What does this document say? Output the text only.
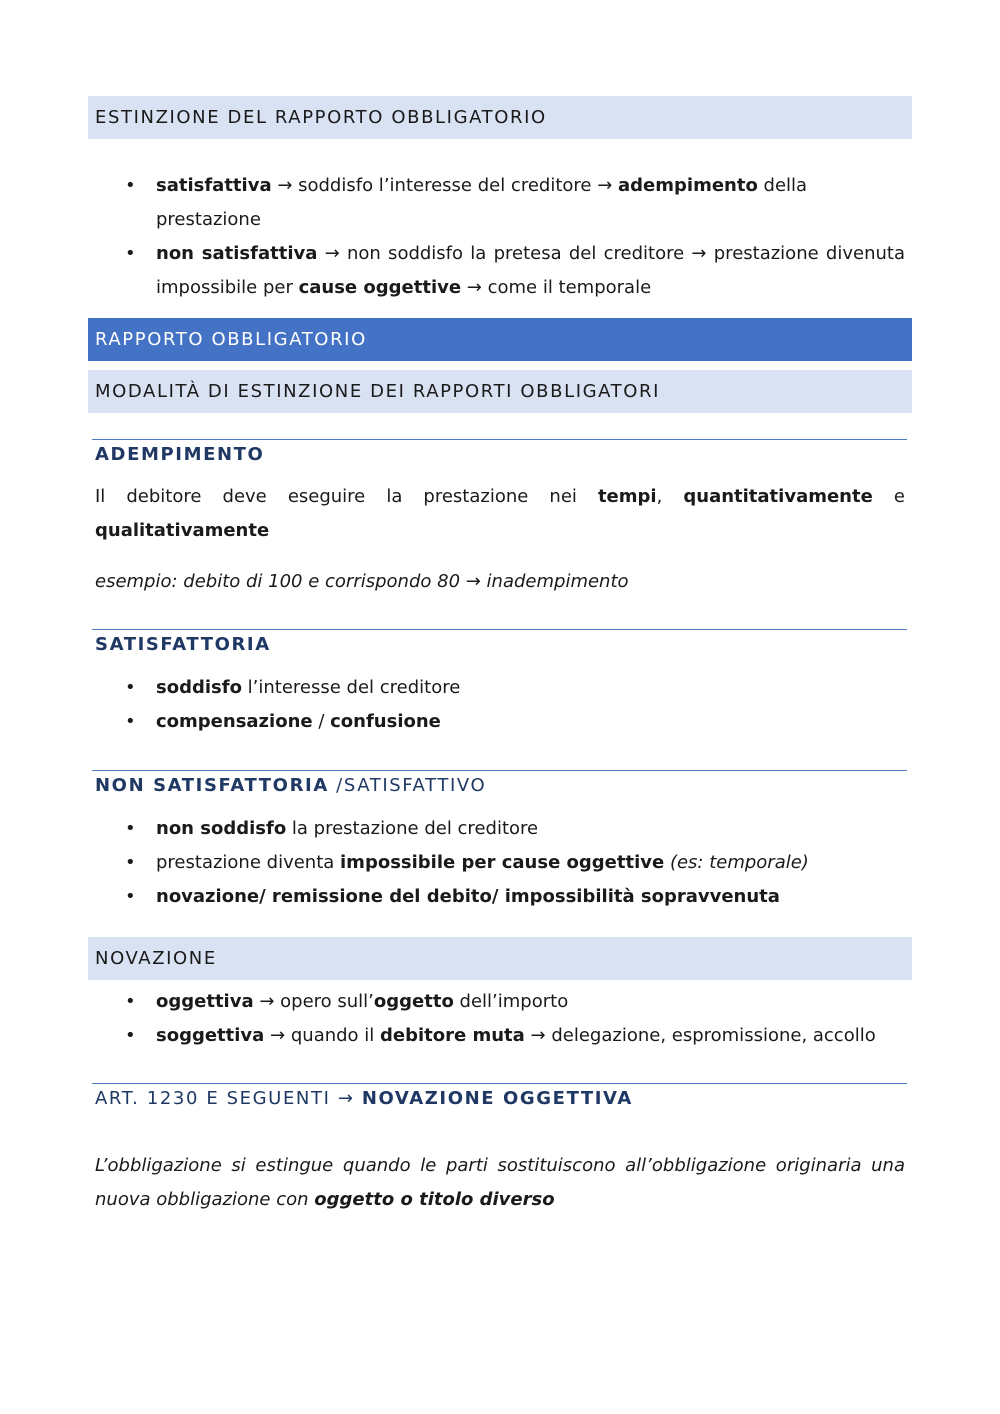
ESTINZIONE DEL RAPPORTO OBBLIGATORIO
• satisfattiva → soddisfo l’interesse del creditore → adempimento della prestazione
• non satisfattiva → non soddisfo la pretesa del creditore → prestazione divenuta impossibile per cause oggettive → come il temporale
RAPPORTO OBBLIGATORIO
MODALITÀ DI ESTINZIONE DEI RAPPORTI OBBLIGATORI
ADEMPIMENTO
Il debitore deve eseguire la prestazione nei tempi, quantitativamente e
qualitativamente
esempio: debito di 100 e corrispondo 80 → inadempimento
SATISFATTORIA
• soddisfo l’interesse del creditore
• compensazione / confusione
NON SATISFATTORIA /SATISFATTIVO
• non soddisfo la prestazione del creditore
• prestazione diventa impossibile per cause oggettive (es: temporale)
• novazione/ remissione del debito/ impossibilità sopravvenuta
NOVAZIONE
• oggettiva → opero sull’oggetto dell’importo
• soggettiva → quando il debitore muta → delegazione, espromissione, accollo
ART. 1230 E SEGUENTI → NOVAZIONE OGGETTIVA
L’obbligazione si estingue quando le parti sostituiscono all’obbligazione originaria una nuova obbligazione con oggetto o titolo diverso
